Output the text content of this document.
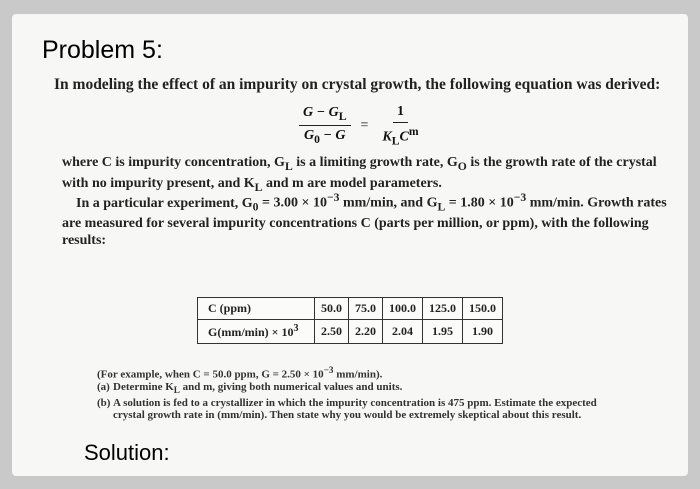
Problem 5:
In modeling the effect of an impurity on crystal growth, the following equation was derived:
$\frac{G - G_L}{G_0 - G} = \frac{1}{K_LC^m}$
where C is impurity concentration, $G_L$ is a limiting growth rate, $G_O$ is the growth rate of the crystal with no impurity present, and $K_L$ and m are model parameters.
In a particular experiment, $G_0 = 3.00 \times 10^{-3}$ mm/min, and $G_L = 1.80 \times 10^{-3}$ mm/min. Growth rates are measured for several impurity concentrations C (parts per million, or ppm), with the following results:
C (ppm)	50.0	75.0	100.0	125.0	150.0
$G(mm/\min) \times 10^3$	2.50	2.20	2.04	1.95	1.90
(For example, when C = 50.0 ppm, $G = 2.50 \times 10^{-3}$ mm/min).
(a) Determine $K_L$ and m, giving both numerical values and units.
(b) A solution is fed to a crystallizer in which the impurity concentration is 475 ppm. Estimate the expected crystal growth rate in (mm/min). Then state why you would be extremely skeptical about this result.
Solution:
